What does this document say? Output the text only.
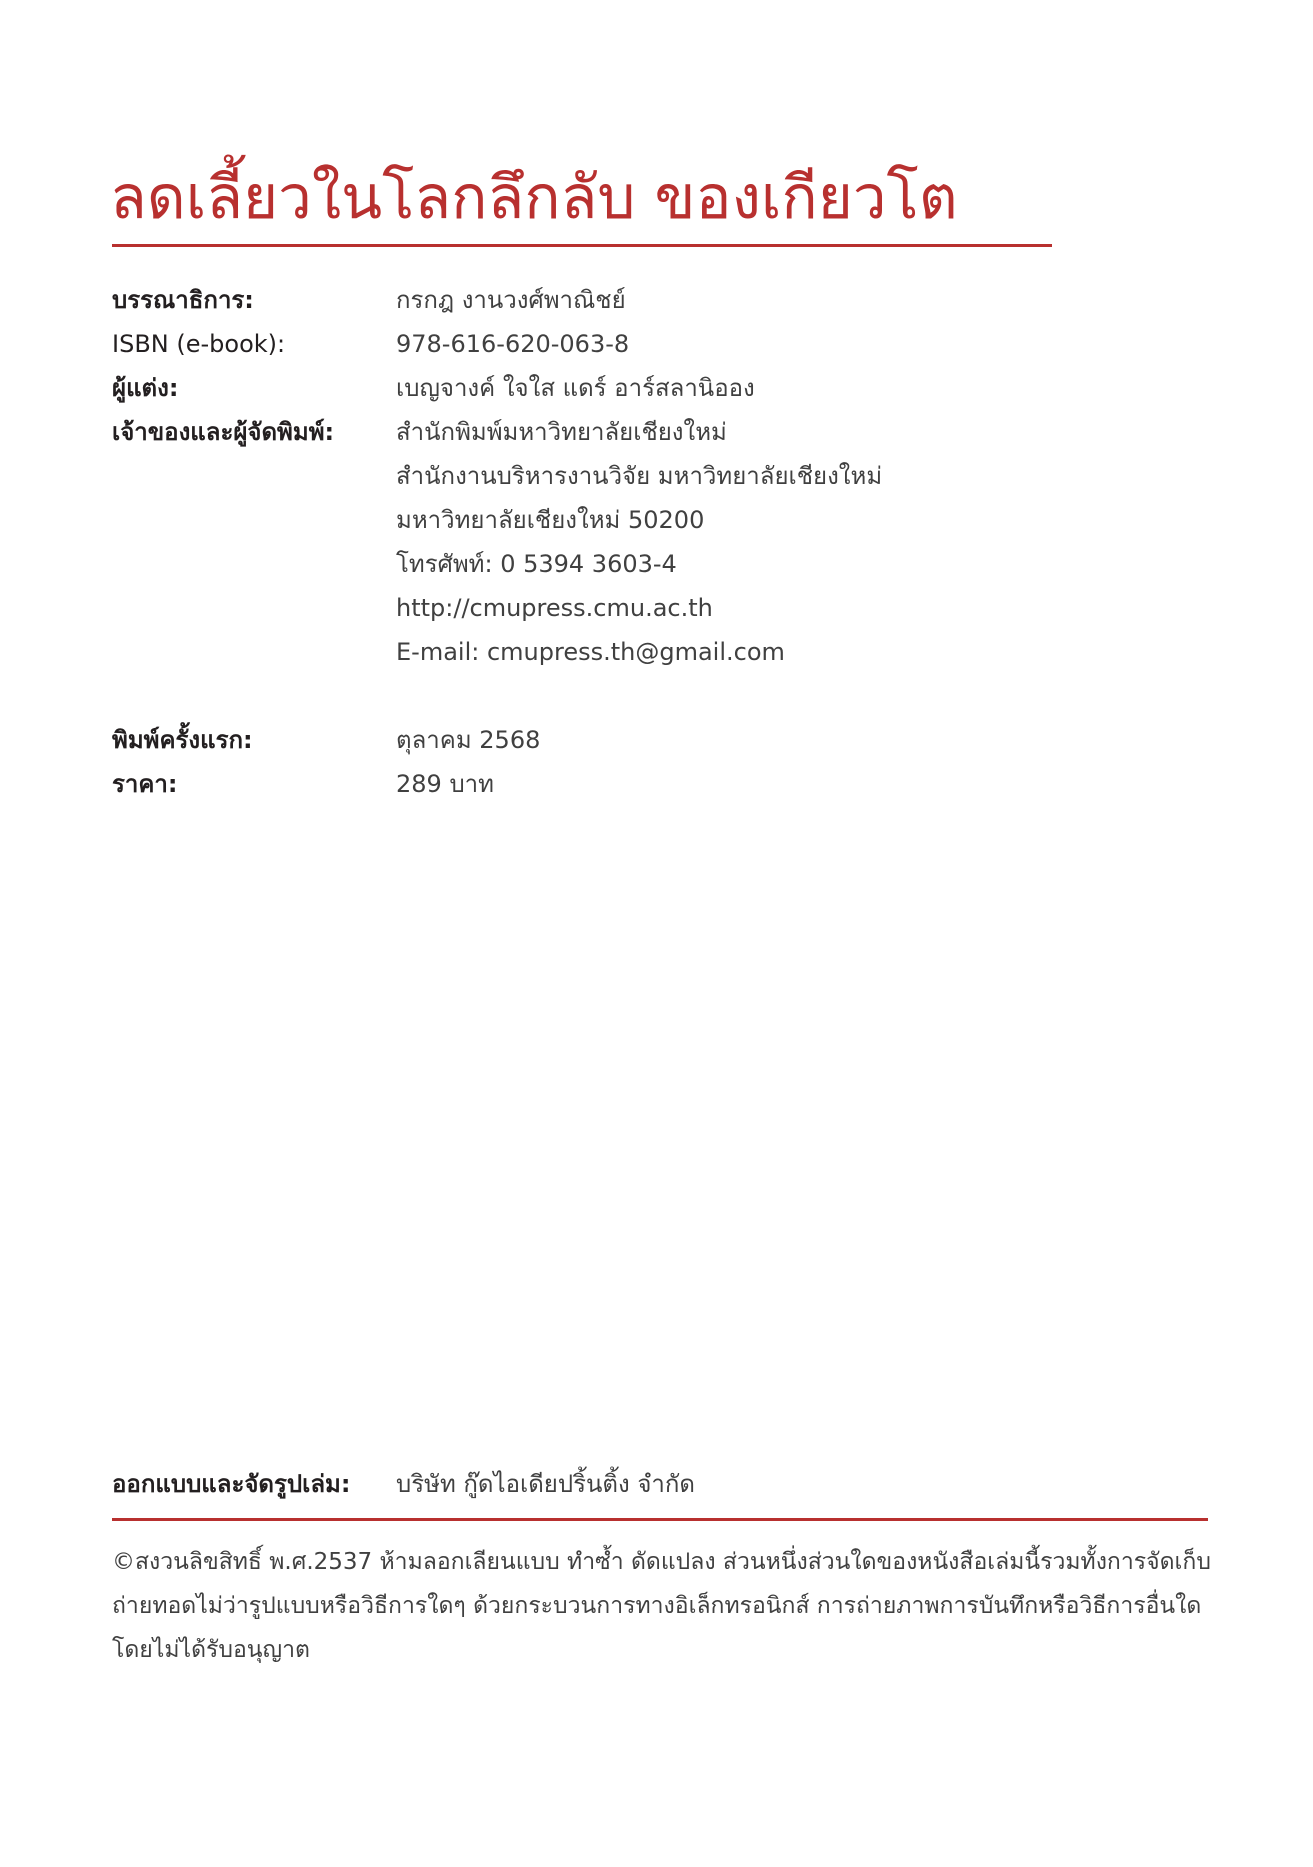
ลดเลี้ยวในโลกลึกลับ ของเกียวโต
บรรณาธิการ:	กรกฎ งานวงศ์พาณิชย์
ISBN (e-book):	978-616-620-063-8
ผู้แต่ง:	เบญจางค์ ใจใส แดร์ อาร์สลานิออง
เจ้าของและผู้จัดพิมพ์:	สำนักพิมพ์มหาวิทยาลัยเชียงใหม่
สำนักงานบริหารงานวิจัย มหาวิทยาลัยเชียงใหม่
มหาวิทยาลัยเชียงใหม่ 50200
โทรศัพท์: 0 5394 3603-4
http://cmupress.cmu.ac.th
E-mail: cmupress.th@gmail.com
พิมพ์ครั้งแรก:	ตุลาคม 2568
ราคา:	289 บาท
ออกแบบและจัดรูปเล่ม:	บริษัท กู๊ดไอเดียปริ้นติ้ง จำกัด
©สงวนลิขสิทธิ์ พ.ศ.2537 ห้ามลอกเลียนแบบ ทำซ้ำ ดัดแปลง ส่วนหนึ่งส่วนใดของหนังสือเล่มนี้รวมทั้งการจัดเก็บ
ถ่ายทอดไม่ว่ารูปแบบหรือวิธีการใดๆ ด้วยกระบวนการทางอิเล็กทรอนิกส์ การถ่ายภาพการบันทึกหรือวิธีการอื่นใด
โดยไม่ได้รับอนุญาต
